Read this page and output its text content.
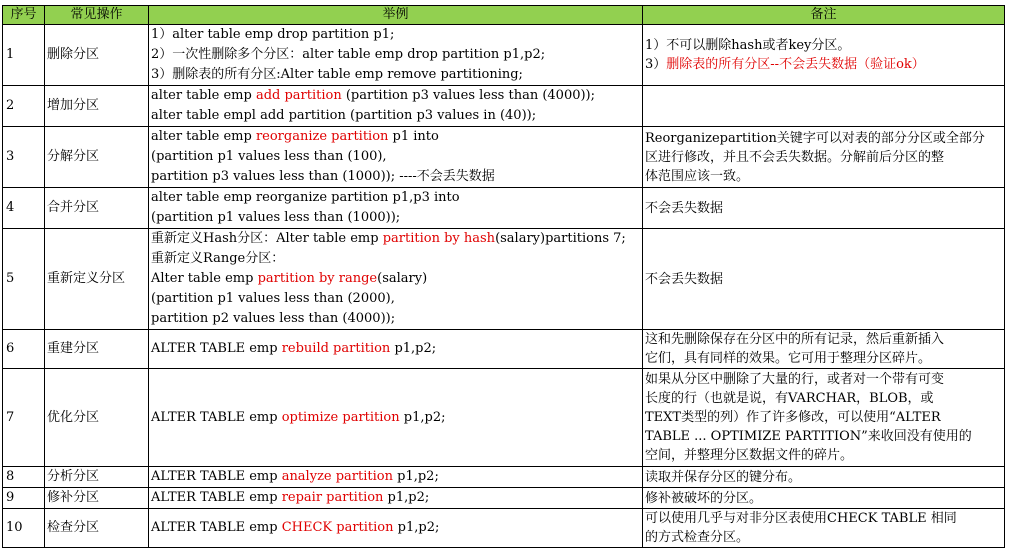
序号	常见操作	举例	备注
1	删除分区	1）alter table emp drop partition p1;
2）一次性删除多个分区：alter table emp drop partition p1,p2;
3）删除表的所有分区:Alter table emp remove partitioning;	1）不可以删除hash或者key分区。
3）删除表的所有分区--不会丢失数据（验证ok）

2	增加分区	alter table emp add partition (partition p3 values less than (4000));
alter table empl add partition (partition p3 values in (40));	

3	分解分区	alter table emp reorganize partition p1 into
(partition p1 values less than (100),
partition p3 values less than (1000)); ----不会丢失数据	Reorganizepartition关键字可以对表的部分分区或全部分
区进行修改，并且不会丢失数据。分解前后分区的整
体范围应该一致。

4	合并分区	alter table emp reorganize partition p1,p3 into
(partition p1 values less than (1000));	不会丢失数据

5	重新定义分区	重新定义Hash分区：Alter table emp partition by hash(salary)partitions 7;
重新定义Range分区：
Alter table emp partition by range(salary)
(partition p1 values less than (2000),
partition p2 values less than (4000));	不会丢失数据

6	重建分区	ALTER TABLE emp rebuild partition p1,p2;	这和先删除保存在分区中的所有记录，然后重新插入
它们，具有同样的效果。它可用于整理分区碎片。

7	优化分区	ALTER TABLE emp optimize partition p1,p2;	如果从分区中删除了大量的行，或者对一个带有可变
长度的行（也就是说，有VARCHAR，BLOB，或
TEXT类型的列）作了许多修改，可以使用“ALTER
TABLE ... OPTIMIZE PARTITION”来收回没有使用的
空间，并整理分区数据文件的碎片。

8	分析分区	ALTER TABLE emp analyze partition p1,p2;	读取并保存分区的键分布。

9	修补分区	ALTER TABLE emp repair partition p1,p2;	修补被破坏的分区。

10	检查分区	ALTER TABLE emp CHECK partition p1,p2;	可以使用几乎与对非分区表使用CHECK TABLE 相同
的方式检查分区。
